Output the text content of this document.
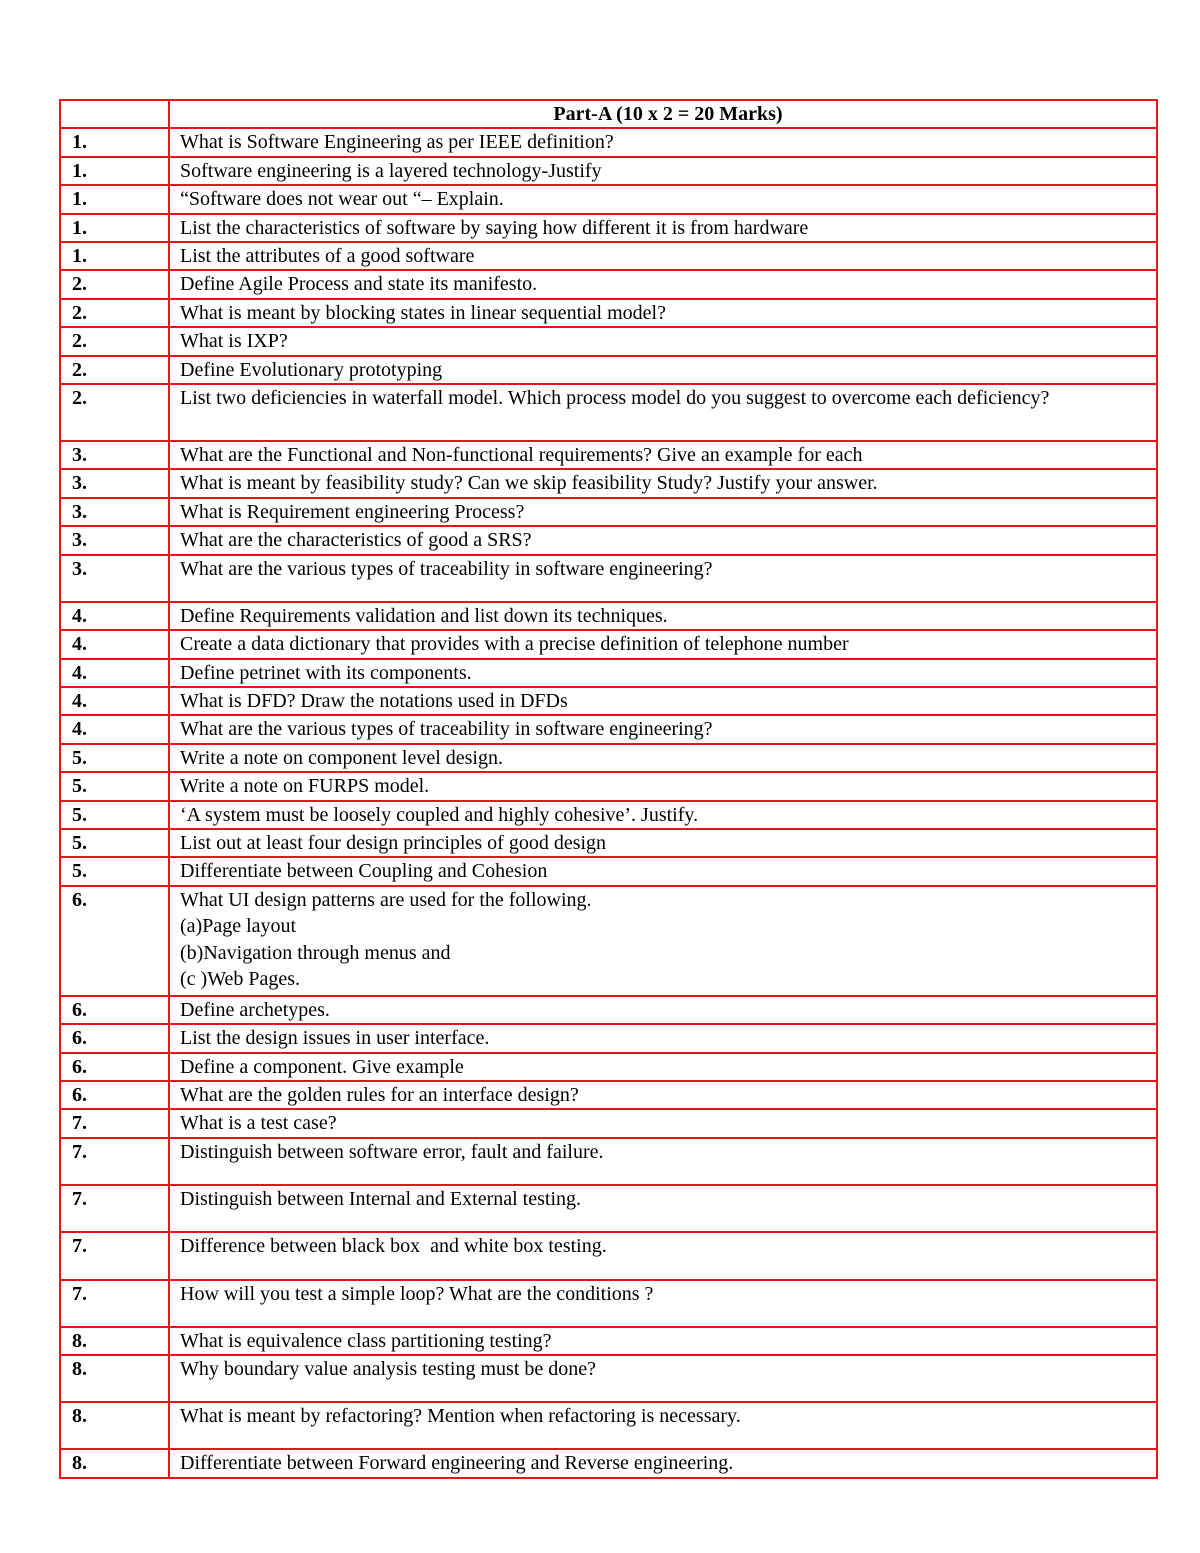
	Part-A (10 x 2 = 20 Marks)
1.	What is Software Engineering as per IEEE definition?
1.	Software engineering is a layered technology-Justify
1.	“Software does not wear out “– Explain.
1.	List the characteristics of software by saying how different it is from hardware
1.	List the attributes of a good software
2.	Define Agile Process and state its manifesto.
2.	What is meant by blocking states in linear sequential model?
2.	What is IXP?
2.	Define Evolutionary prototyping
2.	List two deficiencies in waterfall model. Which process model do you suggest to overcome each deficiency?
3.	What are the Functional and Non-functional requirements? Give an example for each
3.	What is meant by feasibility study? Can we skip feasibility Study? Justify your answer.
3.	What is Requirement engineering Process?
3.	What are the characteristics of good a SRS?
3.	What are the various types of traceability in software engineering?
4.	Define Requirements validation and list down its techniques.
4.	Create a data dictionary that provides with a precise definition of telephone number
4.	Define petrinet with its components.
4.	What is DFD? Draw the notations used in DFDs
4.	What are the various types of traceability in software engineering?
5.	Write a note on component level design.
5.	Write a note on FURPS model.
5.	‘A system must be loosely coupled and highly cohesive’. Justify.
5.	List out at least four design principles of good design
5.	Differentiate between Coupling and Cohesion
6.	What UI design patterns are used for the following.
(a)Page layout
(b)Navigation through menus and
(c )Web Pages.
6.	Define archetypes.
6.	List the design issues in user interface.
6.	Define a component. Give example
6.	What are the golden rules for an interface design?
7.	What is a test case?
7.	Distinguish between software error, fault and failure.
7.	Distinguish between Internal and External testing.
7.	Difference between black box  and white box testing.
7.	How will you test a simple loop? What are the conditions ?
8.	What is equivalence class partitioning testing?
8.	Why boundary value analysis testing must be done?
8.	What is meant by refactoring? Mention when refactoring is necessary.
8.	Differentiate between Forward engineering and Reverse engineering.
